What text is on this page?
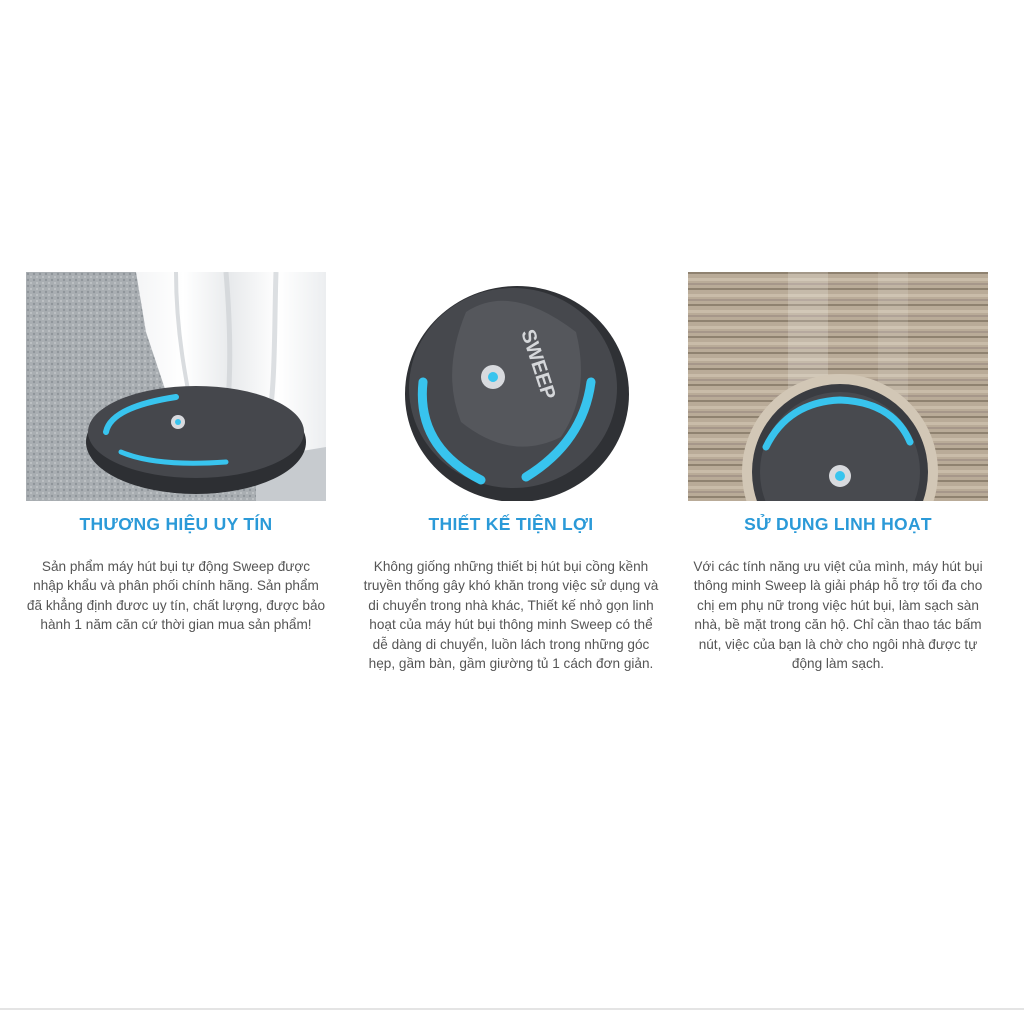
THƯƠNG HIỆU UY TÍN
Sản phẩm máy hút bụi tự động Sweep được nhập khẩu và phân phối chính hãng. Sản phẩm đã khẳng định đươc uy tín, chất lượng, được bảo hành 1 năm căn cứ thời gian mua sản phẩm!
SWEEP
THIẾT KẾ TIỆN LỢI
Không giống những thiết bị hút bụi cồng kềnh truyền thống gây khó khăn trong việc sử dụng và di chuyển trong nhà khác, Thiết kế nhỏ gọn linh hoạt của máy hút bụi thông minh Sweep có thể dễ dàng di chuyển, luồn lách trong những góc hẹp, gầm bàn, gầm giường tủ 1 cách đơn giản.
SỬ DỤNG LINH HOẠT
Với các tính năng ưu việt của mình, máy hút bụi thông minh Sweep là giải pháp hỗ trợ tối đa cho chị em phụ nữ trong việc hút bụi, làm sạch sàn nhà, bề mặt trong căn hộ. Chỉ cần thao tác bấm nút, việc của bạn là chờ cho ngôi nhà được tự động làm sạch.
